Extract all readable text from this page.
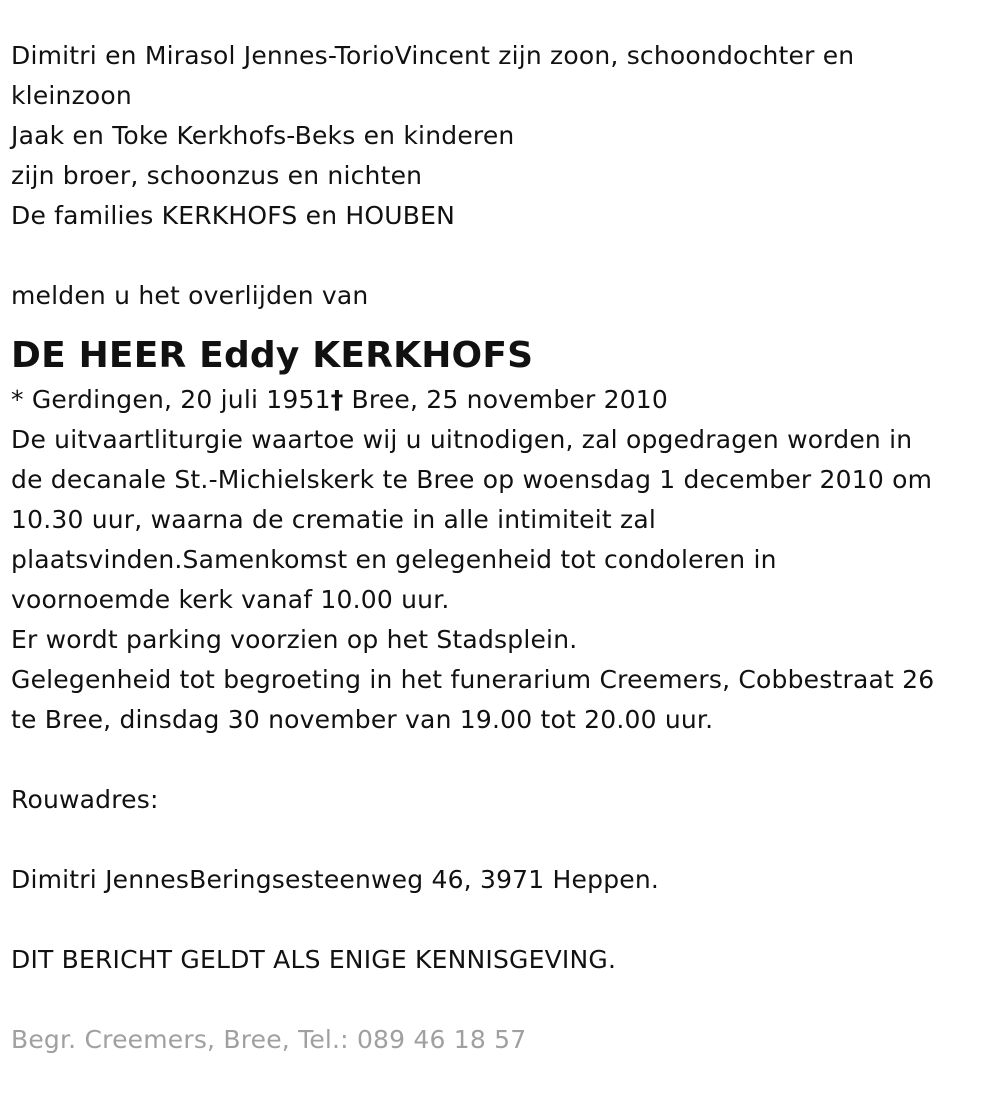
Dimitri en Mirasol Jennes-TorioVincent zijn zoon, schoondochter en
kleinzoon
Jaak en Toke Kerkhofs-Beks en kinderen
zijn broer, schoonzus en nichten
De families KERKHOFS en HOUBEN
melden u het overlijden van
DE HEER Eddy KERKHOFS
* Gerdingen, 20 juli 1951† Bree, 25 november 2010
De uitvaartliturgie waartoe wij u uitnodigen, zal opgedragen worden in
de decanale St.-Michielskerk te Bree op woensdag 1 december 2010 om
10.30 uur, waarna de crematie in alle intimiteit zal
plaatsvinden.Samenkomst en gelegenheid tot condoleren in
voornoemde kerk vanaf 10.00 uur.
Er wordt parking voorzien op het Stadsplein.
Gelegenheid tot begroeting in het funerarium Creemers, Cobbestraat 26
te Bree, dinsdag 30 november van 19.00 tot 20.00 uur.
Rouwadres:
Dimitri JennesBeringsesteenweg 46, 3971 Heppen.
DIT BERICHT GELDT ALS ENIGE KENNISGEVING.
Begr. Creemers, Bree, Tel.: 089 46 18 57
